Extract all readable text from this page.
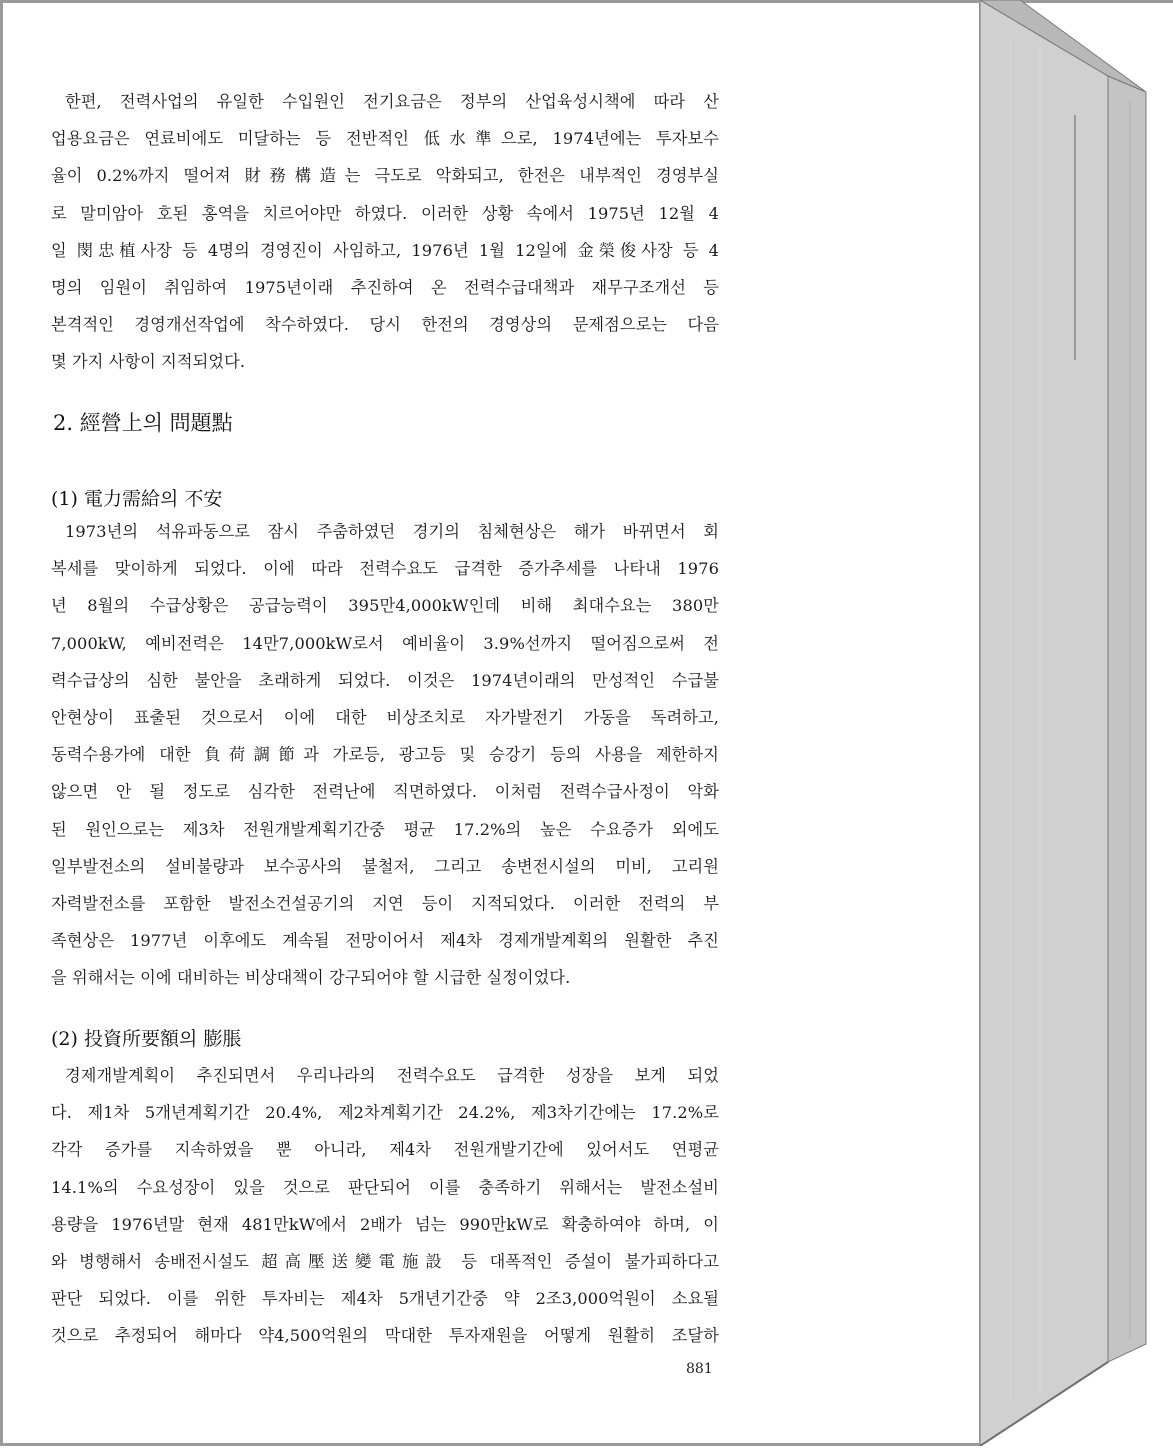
한편, 전력사업의 유일한 수입원인 전기요금은 정부의 산업육성시책에 따라 산
업용요금은 연료비에도 미달하는 등 전반적인 低水準으로, 1974년에는 투자보수
율이 0.2%까지 떨어져 財務構造는 극도로 악화되고, 한전은 내부적인 경영부실
로 말미암아 호된 홍역을 치르어야만 하였다. 이러한 상황 속에서 1975년 12월 4
일 閔忠植사장 등 4명의 경영진이 사임하고, 1976년 1월 12일에 金榮俊사장 등 4
명의 임원이 취임하여 1975년이래 추진하여 온 전력수급대책과 재무구조개선 등
본격적인 경영개선작업에 착수하였다. 당시 한전의 경영상의 문제점으로는 다음
몇 가지 사항이 지적되었다.
2. 經營上의 問題點
(1) 電力需給의 不安
1973년의 석유파동으로 잠시 주춤하였던 경기의 침체현상은 해가 바뀌면서 회
복세를 맞이하게 되었다. 이에 따라 전력수요도 급격한 증가추세를 나타내 1976
년 8월의 수급상황은 공급능력이 395만4,000kW인데 비해 최대수요는 380만
7,000kW, 예비전력은 14만7,000kW로서 예비율이 3.9%선까지 떨어짐으로써 전
력수급상의 심한 불안을 초래하게 되었다. 이것은 1974년이래의 만성적인 수급불
안현상이 표출된 것으로서 이에 대한 비상조치로 자가발전기 가동을 독려하고,
동력수용가에 대한 負荷調節과 가로등, 광고등 및 승강기 등의 사용을 제한하지
않으면 안 될 정도로 심각한 전력난에 직면하였다. 이처럼 전력수급사정이 악화
된 원인으로는 제3차 전원개발계획기간중 평균 17.2%의 높은 수요증가 외에도
일부발전소의 설비불량과 보수공사의 불철저, 그리고 송변전시설의 미비, 고리원
자력발전소를 포함한 발전소건설공기의 지연 등이 지적되었다. 이러한 전력의 부
족현상은 1977년 이후에도 계속될 전망이어서 제4차 경제개발계획의 원활한 추진
을 위해서는 이에 대비하는 비상대책이 강구되어야 할 시급한 실정이었다.
(2) 投資所要額의 膨脹
경제개발계획이 추진되면서 우리나라의 전력수요도 급격한 성장을 보게 되었
다. 제1차 5개년계획기간 20.4%, 제2차계획기간 24.2%, 제3차기간에는 17.2%로
각각 증가를 지속하였을 뿐 아니라, 제4차 전원개발기간에 있어서도 연평균
14.1%의 수요성장이 있을 것으로 판단되어 이를 충족하기 위해서는 발전소설비
용량을 1976년말 현재 481만kW에서 2배가 넘는 990만kW로 확충하여야 하며, 이
와 병행해서 송배전시설도 超高壓送變電施設 등 대폭적인 증설이 불가피하다고
판단 되었다. 이를 위한 투자비는 제4차 5개년기간중 약 2조3,000억원이 소요될
것으로 추정되어 해마다 약4,500억원의 막대한 투자재원을 어떻게 원활히 조달하
881
